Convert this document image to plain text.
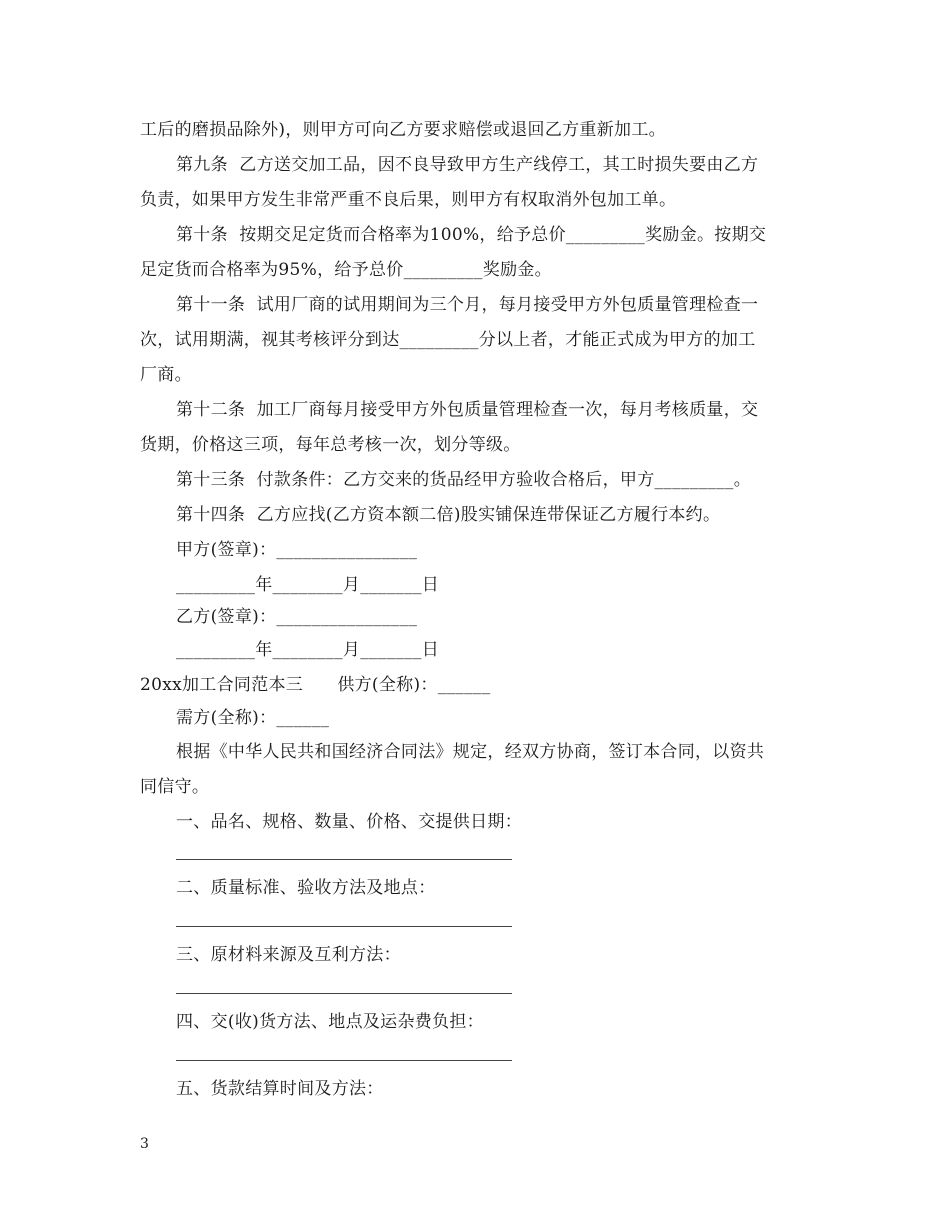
工后的磨损品除外)，则甲方可向乙方要求赔偿或退回乙方重新加工。
第九条  乙方送交加工品，因不良导致甲方生产线停工，其工时损失要由乙方
负责，如果甲方发生非常严重不良后果，则甲方有权取消外包加工单。
第十条  按期交足定货而合格率为100%，给予总价_________奖励金。按期交
足定货而合格率为95%，给予总价_________奖励金。
第十一条  试用厂商的试用期间为三个月，每月接受甲方外包质量管理检查一
次，试用期满，视其考核评分到达_________分以上者，才能正式成为甲方的加工
厂商。
第十二条  加工厂商每月接受甲方外包质量管理检查一次，每月考核质量，交
货期，价格这三项，每年总考核一次，划分等级。
第十三条  付款条件：乙方交来的货品经甲方验收合格后，甲方_________。
第十四条  乙方应找(乙方资本额二倍)股实铺保连带保证乙方履行本约。
甲方(签章)：________________
_________年________月_______日
乙方(签章)：________________
_________年________月_______日
20xx加工合同范本三      供方(全称)：______
需方(全称)：______
根据《中华人民共和国经济合同法》规定，经双方协商，签订本合同，以资共
同信守。
一、品名、规格、数量、价格、交提供日期：
二、质量标准、验收方法及地点：
三、原材料来源及互利方法：
四、交(收)货方法、地点及运杂费负担：
五、货款结算时间及方法：
3
